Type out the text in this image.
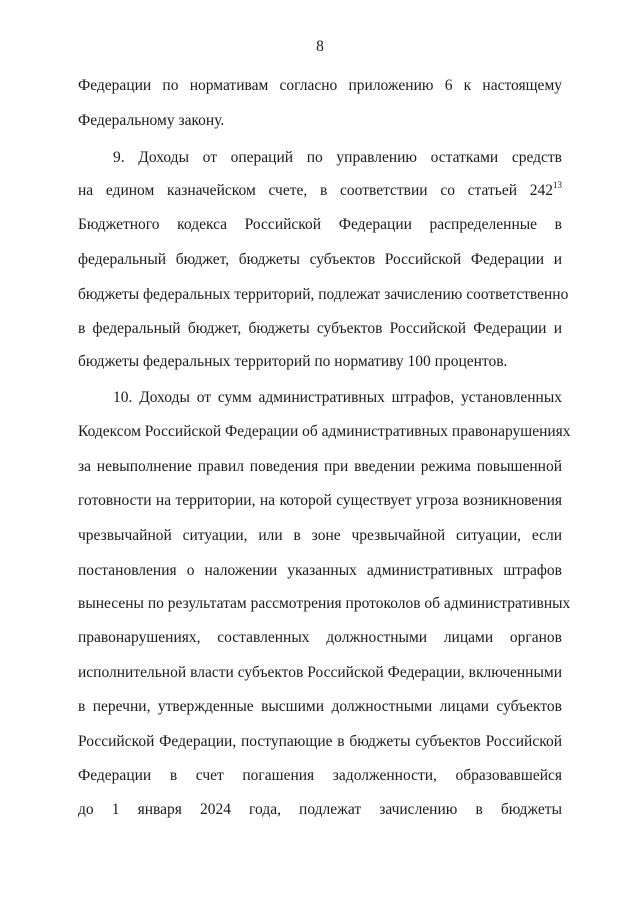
8
Федерации по нормативам согласно приложению 6 к настоящему
Федеральному закону.
9. Доходы от операций по управлению остатками средств
на едином казначейском счете, в соответствии со статьей $242^{13}$
Бюджетного кодекса Российской Федерации распределенные в
федеральный бюджет, бюджеты субъектов Российской Федерации и
бюджеты федеральных территорий, подлежат зачислению соответственно
в федеральный бюджет, бюджеты субъектов Российской Федерации и
бюджеты федеральных территорий по нормативу 100 процентов.
10. Доходы от сумм административных штрафов, установленных
Кодексом Российской Федерации об административных правонарушениях
за невыполнение правил поведения при введении режима повышенной
готовности на территории, на которой существует угроза возникновения
чрезвычайной ситуации, или в зоне чрезвычайной ситуации, если
постановления о наложении указанных административных штрафов
вынесены по результатам рассмотрения протоколов об административных
правонарушениях, составленных должностными лицами органов
исполнительной власти субъектов Российской Федерации, включенными
в перечни, утвержденные высшими должностными лицами субъектов
Российской Федерации, поступающие в бюджеты субъектов Российской
Федерации в счет погашения задолженности, образовавшейся
до 1 января 2024 года, подлежат зачислению в бюджеты
